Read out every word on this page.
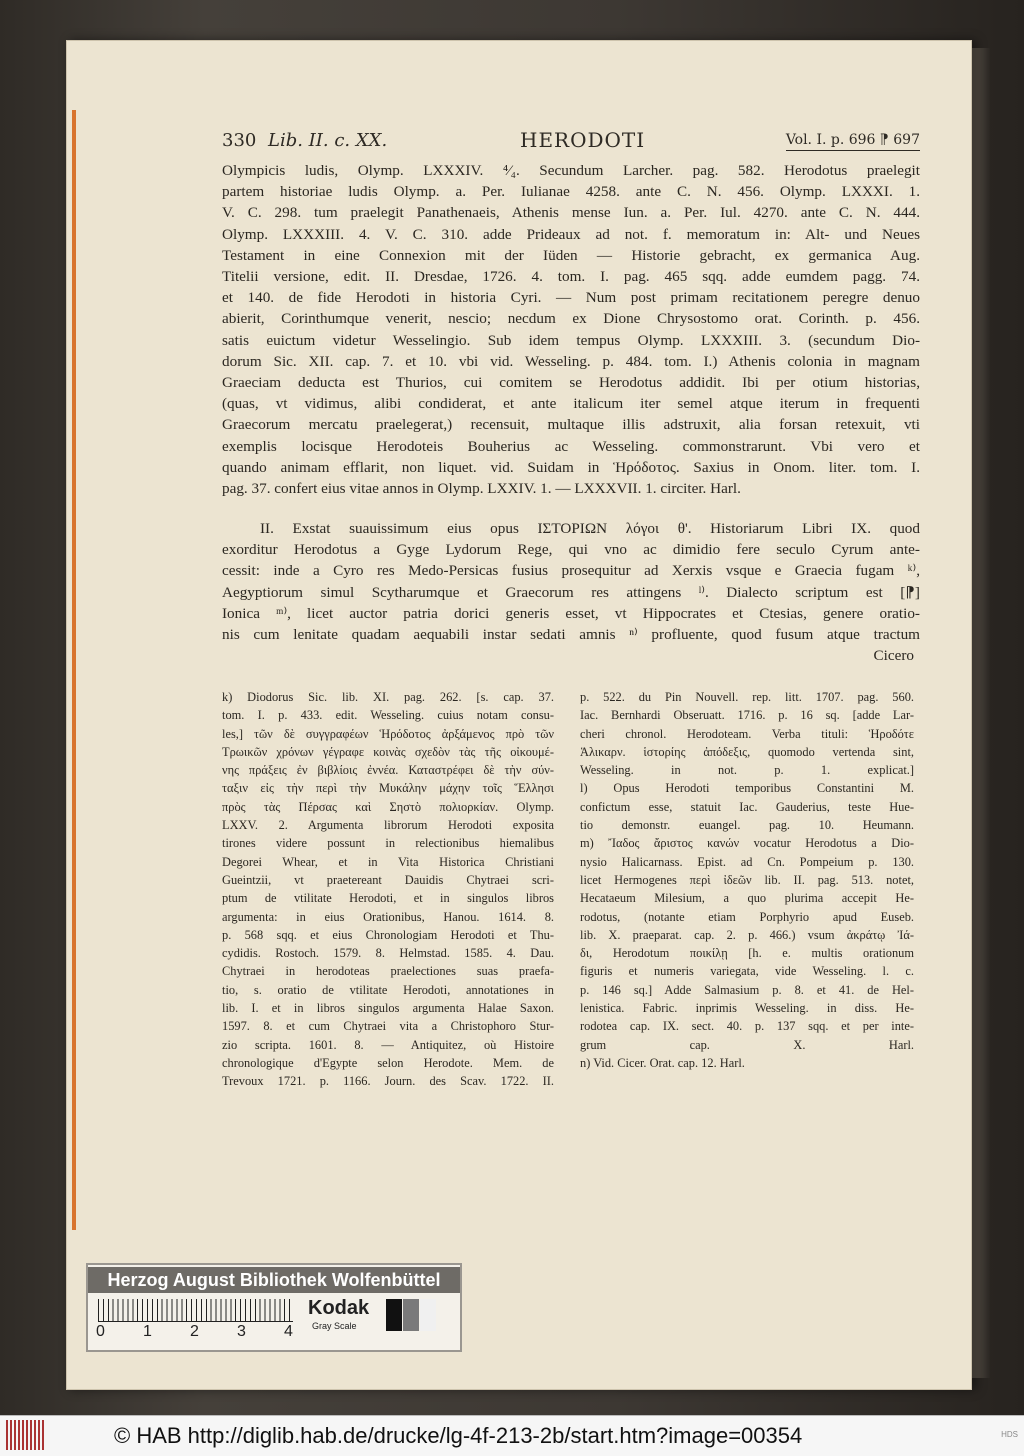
330 Lib. II. c. XX.	HERODOTI	Vol. I. p. 696 ⁋ 697

Olympicis ludis, Olymp. LXXXIV. ⁴⁄₄. Secundum Larcher. pag. 582. Herodotus praelegit

partem historiae ludis Olymp. a. Per. Iulianae 4258. ante C. N. 456. Olymp. LXXXI. 1.

V. C. 298. tum praelegit Panathenaeis, Athenis mense Iun. a. Per. Iul. 4270. ante C. N. 444.

Olymp. LXXXIII. 4. V. C. 310. adde Prideaux ad not. f. memoratum in: Alt- und Neues

Testament in eine Connexion mit der Iüden — Historie gebracht, ex germanica Aug.

Titelii versione, edit. II. Dresdae, 1726. 4. tom. I. pag. 465 sqq. adde eumdem pagg. 74.

et 140. de fide Herodoti in historia Cyri. — Num post primam recitationem peregre denuo

abierit, Corinthumque venerit, nescio; necdum ex Dione Chrysostomo orat. Corinth. p. 456.

satis euictum videtur Wesselingio. Sub idem tempus Olymp. LXXXIII. 3. (secundum Dio-

dorum Sic. XII. cap. 7. et 10. vbi vid. Wesseling. p. 484. tom. I.) Athenis colonia in magnam

Graeciam deducta est Thurios, cui comitem se Herodotus addidit. Ibi per otium historias,

(quas, vt vidimus, alibi condiderat, et ante italicum iter semel atque iterum in frequenti

Graecorum mercatu praelegerat,) recensuit, multaque illis adstruxit, alia forsan retexuit, vti

exemplis locisque Herodoteis Bouherius ac Wesseling. commonstrarunt. Vbi vero et

quando animam efflarit, non liquet. vid. Suidam in Ἡρόδοτος. Saxius in Onom. liter. tom. I.

pag. 37. confert eius vitae annos in Olymp. LXXIV. 1. — LXXXVII. 1. circiter. Harl.

II. Exstat suauissimum eius opus ΙΣΤΟΡΙΩΝ λόγοι θ'. Historiarum Libri IX. quod

exorditur Herodotus a Gyge Lydorum Rege, qui vno ac dimidio fere seculo Cyrum ante-

cessit: inde a Cyro res Medo-Persicas fusius prosequitur ad Xerxis vsque e Graecia fugam ᵏ⁾,

Aegyptiorum simul Scytharumque et Graecorum res attingens ˡ⁾. Dialecto scriptum est [⁋]

Ionica ᵐ⁾, licet auctor patria dorici generis esset, vt Hippocrates et Ctesias, genere oratio-

nis cum lenitate quadam aequabili instar sedati amnis ⁿ⁾ profluente, quod fusum atque tractum

Cicero

k) Diodorus Sic. lib. XI. pag. 262. [s. cap. 37.

tom. I. p. 433. edit. Wesseling. cuius notam consu-

les,] τῶν δὲ συγγραφέων Ἡρόδοτος ἀρξάμενος πρὸ τῶν

Τρωικῶν χρόνων γέγραφε κοινὰς σχεδὸν τὰς τῆς οἰκουμέ-

νης πράξεις ἐν βιβλίοις ἐννέα. Καταστρέφει δὲ τὴν σύν-

ταξιν εἰς τὴν περὶ τὴν Μυκάλην μάχην τοῖς Ἕλλησι

πρὸς τὰς Πέρσας καὶ Σηστὸ πολιορκίαν. Olymp.

LXXV. 2. Argumenta librorum Herodoti exposita

tirones videre possunt in relectionibus hiemalibus

Degorei Whear, et in Vita Historica Christiani

Gueintzii, vt praetereant Dauidis Chytraei scri-

ptum de vtilitate Herodoti, et in singulos libros

argumenta: in eius Orationibus, Hanou. 1614. 8.

p. 568 sqq. et eius Chronologiam Herodoti et Thu-

cydidis. Rostoch. 1579. 8. Helmstad. 1585. 4. Dau.

Chytraei in herodoteas praelectiones suas praefa-

tio, s. oratio de vtilitate Herodoti, annotationes in

lib. I. et in libros singulos argumenta Halae Saxon.

1597. 8. et cum Chytraei vita a Christophoro Stur-

zio scripta. 1601. 8. — Antiquitez, où Histoire

chronologique d'Egypte selon Herodote. Mem. de

Trevoux 1721. p. 1166. Journ. des Scav. 1722. II.

p. 522. du Pin Nouvell. rep. litt. 1707. pag. 560.

Iac. Bernhardi Obseruatt. 1716. p. 16 sq. [adde Lar-

cheri chronol. Herodoteam. Verba tituli: Ἡροδότε

Ἁλικαρν. ἱστορίης ἀπόδεξις, quomodo vertenda sint,

Wesseling. in not. p. 1. explicat.]

l) Opus Herodoti temporibus Constantini M.

confictum esse, statuit Iac. Gauderius, teste Hue-

tio demonstr. euangel. pag. 10. Heumann.

m) Ἴαδος ἄριστος κανών vocatur Herodotus a Dio-

nysio Halicarnass. Epist. ad Cn. Pompeium p. 130.

licet Hermogenes περὶ ἰδεῶν lib. II. pag. 513. notet,

Hecataeum Milesium, a quo plurima accepit He-

rodotus, (notante etiam Porphyrio apud Euseb.

lib. X. praeparat. cap. 2. p. 466.) vsum ἀκράτῳ Ἰά-

δι, Herodotum ποικίλῃ [h. e. multis orationum

figuris et numeris variegata, vide Wesseling. l. c.

p. 146 sq.] Adde Salmasium p. 8. et 41. de Hel-

lenistica. Fabric. inprimis Wesseling. in diss. He-

rodotea cap. IX. sect. 40. p. 137 sqq. et per inte-

grum cap. X. Harl.

n) Vid. Cicer. Orat. cap. 12. Harl.

Herzog August Bibliothek Wolfenbüttel
0 1 2 3 4
Kodak
Gray Scale
© HAB http://diglib.hab.de/drucke/lg-4f-213-2b/start.htm?image=00354	HDS
